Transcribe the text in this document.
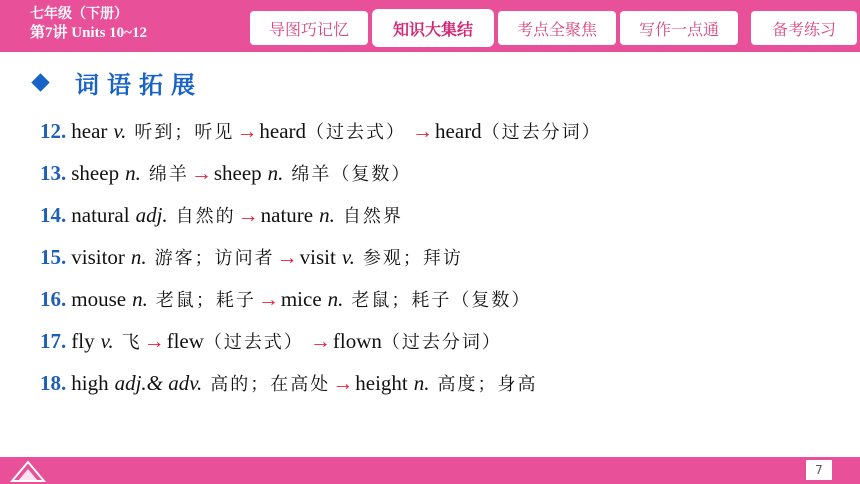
七年级（下册）
第7讲 Units 10~12	导图巧记忆	知识大集结	考点全聚焦	写作一点通	备考练习
词语拓展
12. hear v. 听到；听见→heard（过去式） →heard（过去分词）
13. sheep n. 绵羊→sheep n. 绵羊（复数）
14. natural adj. 自然的→nature n. 自然界
15. visitor n. 游客；访问者→visit v. 参观；拜访
16. mouse n. 老鼠；耗子→mice n. 老鼠；耗子（复数）
17. fly v. 飞→flew（过去式） →flown（过去分词）
18. high adj.& adv. 高的；在高处→height n. 高度；身高
7
